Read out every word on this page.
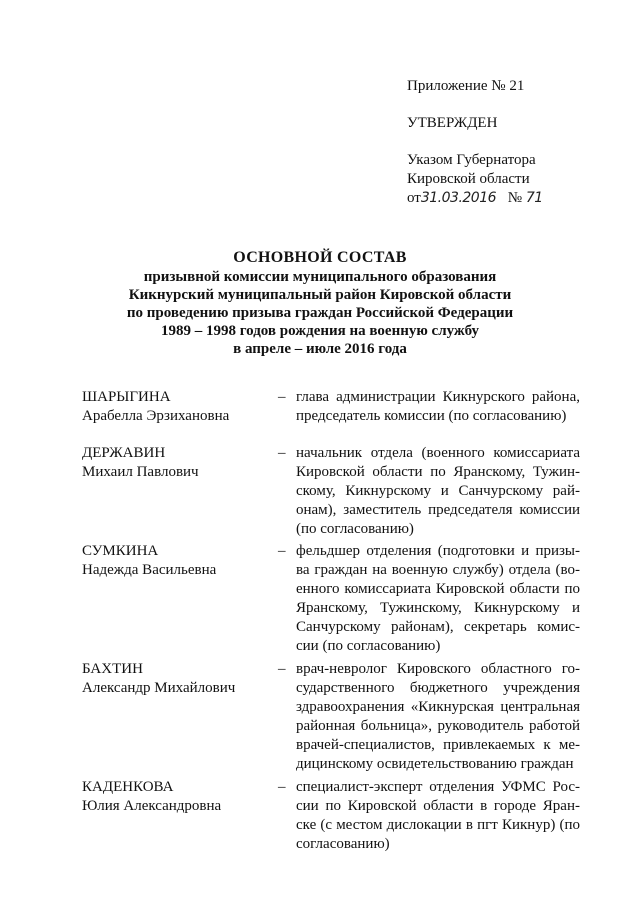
Приложение № 21
УТВЕРЖДЕН
Указом Губернатора
Кировской области
от31.03.2016 № 71
ОСНОВНОЙ СОСТАВ
призывной комиссии муниципального образования
Кикнурский муниципальный район Кировской области
по проведению призыва граждан Российской Федерации
1989 – 1998 годов рождения на военную службу
в апреле – июле 2016 года
ШАРЫГИНА
Арабелла Эрзихановна
– глава администрации Кикнурского района,
председатель комиссии (по согласованию)
ДЕРЖАВИН
Михаил Павлович
– начальник отдела (военного комиссариата
Кировской области по Яранскому, Тужин-
скому, Кикнурскому и Санчурскому рай-
онам), заместитель председателя комиссии
(по согласованию)
СУМКИНА
Надежда Васильевна
– фельдшер отделения (подготовки и призы-
ва граждан на военную службу) отдела (во-
енного комиссариата Кировской области по
Яранскому, Тужинскому, Кикнурскому и
Санчурскому районам), секретарь комис-
сии (по согласованию)
БАХТИН
Александр Михайлович
– врач-невролог Кировского областного го-
сударственного бюджетного учреждения
здравоохранения «Кикнурская центральная
районная больница», руководитель работой
врачей-специалистов, привлекаемых к ме-
дицинскому освидетельствованию граждан
КАДЕНКОВА
Юлия Александровна
– специалист-эксперт отделения УФМС Рос-
сии по Кировской области в городе Яран-
ске (с местом дислокации в пгт Кикнур) (по
согласованию)
